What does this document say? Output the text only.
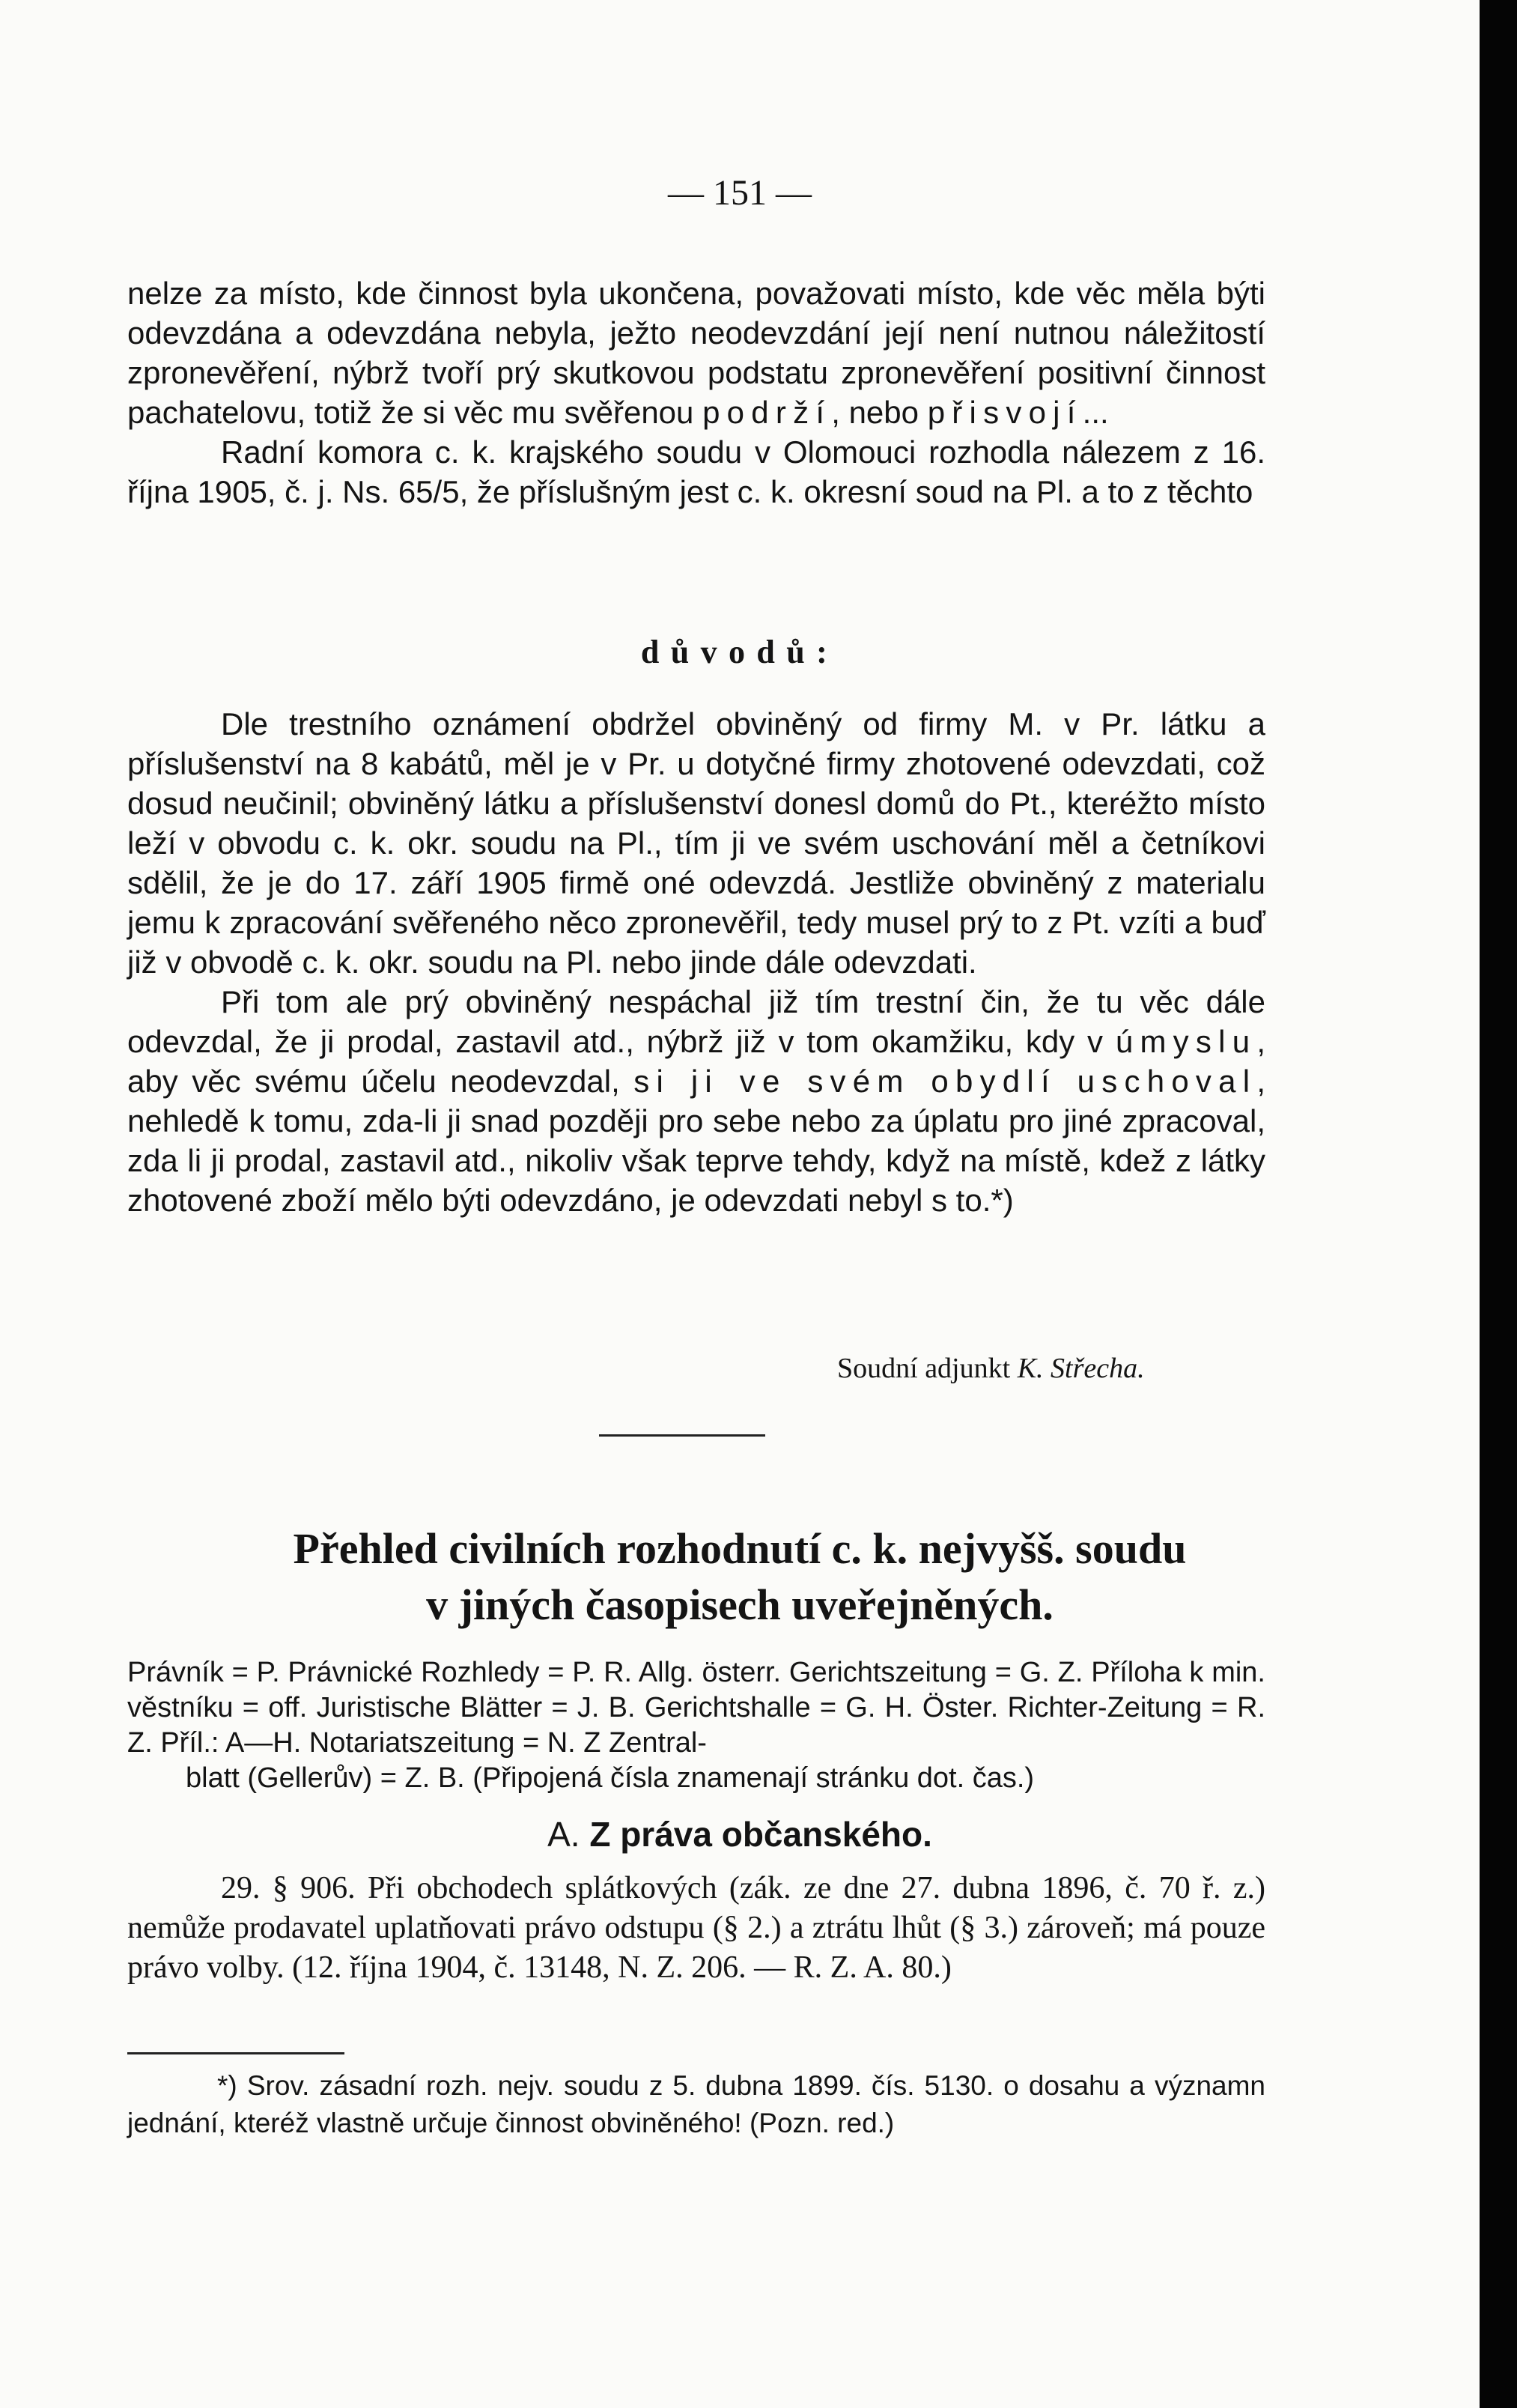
— 151 —

nelze za místo, kde činnost byla ukončena, považovati místo, kde věc měla býti odevzdána a odevzdána nebyla, ježto neodevzdání její není nutnou náležitostí zpronevěření, nýbrž tvoří prý skutkovou podstatu zpronevěření positivní činnost pachatelovu, totiž že si věc mu svěřenou podrží, nebo přisvojí...

Radní komora c. k. krajského soudu v Olomouci rozhodla nálezem z 16. října 1905, č. j. Ns. 65/5, že příslušným jest c. k. okresní soud na Pl. a to z těchto

důvodů:

Dle trestního oznámení obdržel obviněný od firmy M. v Pr. látku a příslušenství na 8 kabátů, měl je v Pr. u dotyčné firmy zhotovené odevzdati, což dosud neučinil; obviněný látku a příslušenství donesl domů do Pt., kteréžto místo leží v obvodu c. k. okr. soudu na Pl., tím ji ve svém uschování měl a četníkovi sdělil, že je do 17. září 1905 firmě oné odevzdá. Jestliže obviněný z materialu jemu k zpracování svěřeného něco zpronevěřil, tedy musel prý to z Pt. vzíti a buď již v obvodě c. k. okr. soudu na Pl. nebo jinde dále odevzdati.

Při tom ale prý obviněný nespáchal již tím trestní čin, že tu věc dále odevzdal, že ji prodal, zastavil atd., nýbrž již v tom okamžiku, kdy v úmyslu, aby věc svému účelu neodevzdal, si ji ve svém obydlí uschoval, nehledě k tomu, zda-li ji snad později pro sebe nebo za úplatu pro jiné zpracoval, zda li ji prodal, zastavil atd., nikoliv však teprve tehdy, když na místě, kdež z látky zhotovené zboží mělo býti odevzdáno, je odevzdati nebyl s to.*)

Soudní adjunkt K. Střecha.
Přehled civilních rozhodnutí c. k. nejvyšš. soudu
v jiných časopisech uveřejněných.
Právník = P. Právnické Rozhledy = P. R. Allg. österr. Gerichtszeitung = G. Z. Příloha k min. věstníku = off. Juristische Blätter = J. B. Gerichtshalle = G. H. Öster. Richter-Zeitung = R. Z. Příl.: A—H. Notariatszeitung = N. Z Zentral-
blatt (Gellerův) = Z. B. (Připojená čísla znamenají stránku dot. čas.)
A. Z práva občanského.

29. § 906. Při obchodech splátkových (zák. ze dne 27. dubna 1896, č. 70 ř. z.) nemůže prodavatel uplatňovati právo odstupu (§ 2.) a ztrátu lhůt (§ 3.) zároveň; má pouze právo volby. (12. října 1904, č. 13148, N. Z. 206. — R. Z. A. 80.)

*) Srov. zásadní rozh. nejv. soudu z 5. dubna 1899. čís. 5130. o dosahu a významn jednání, kteréž vlastně určuje činnost obviněného! (Pozn. red.)
